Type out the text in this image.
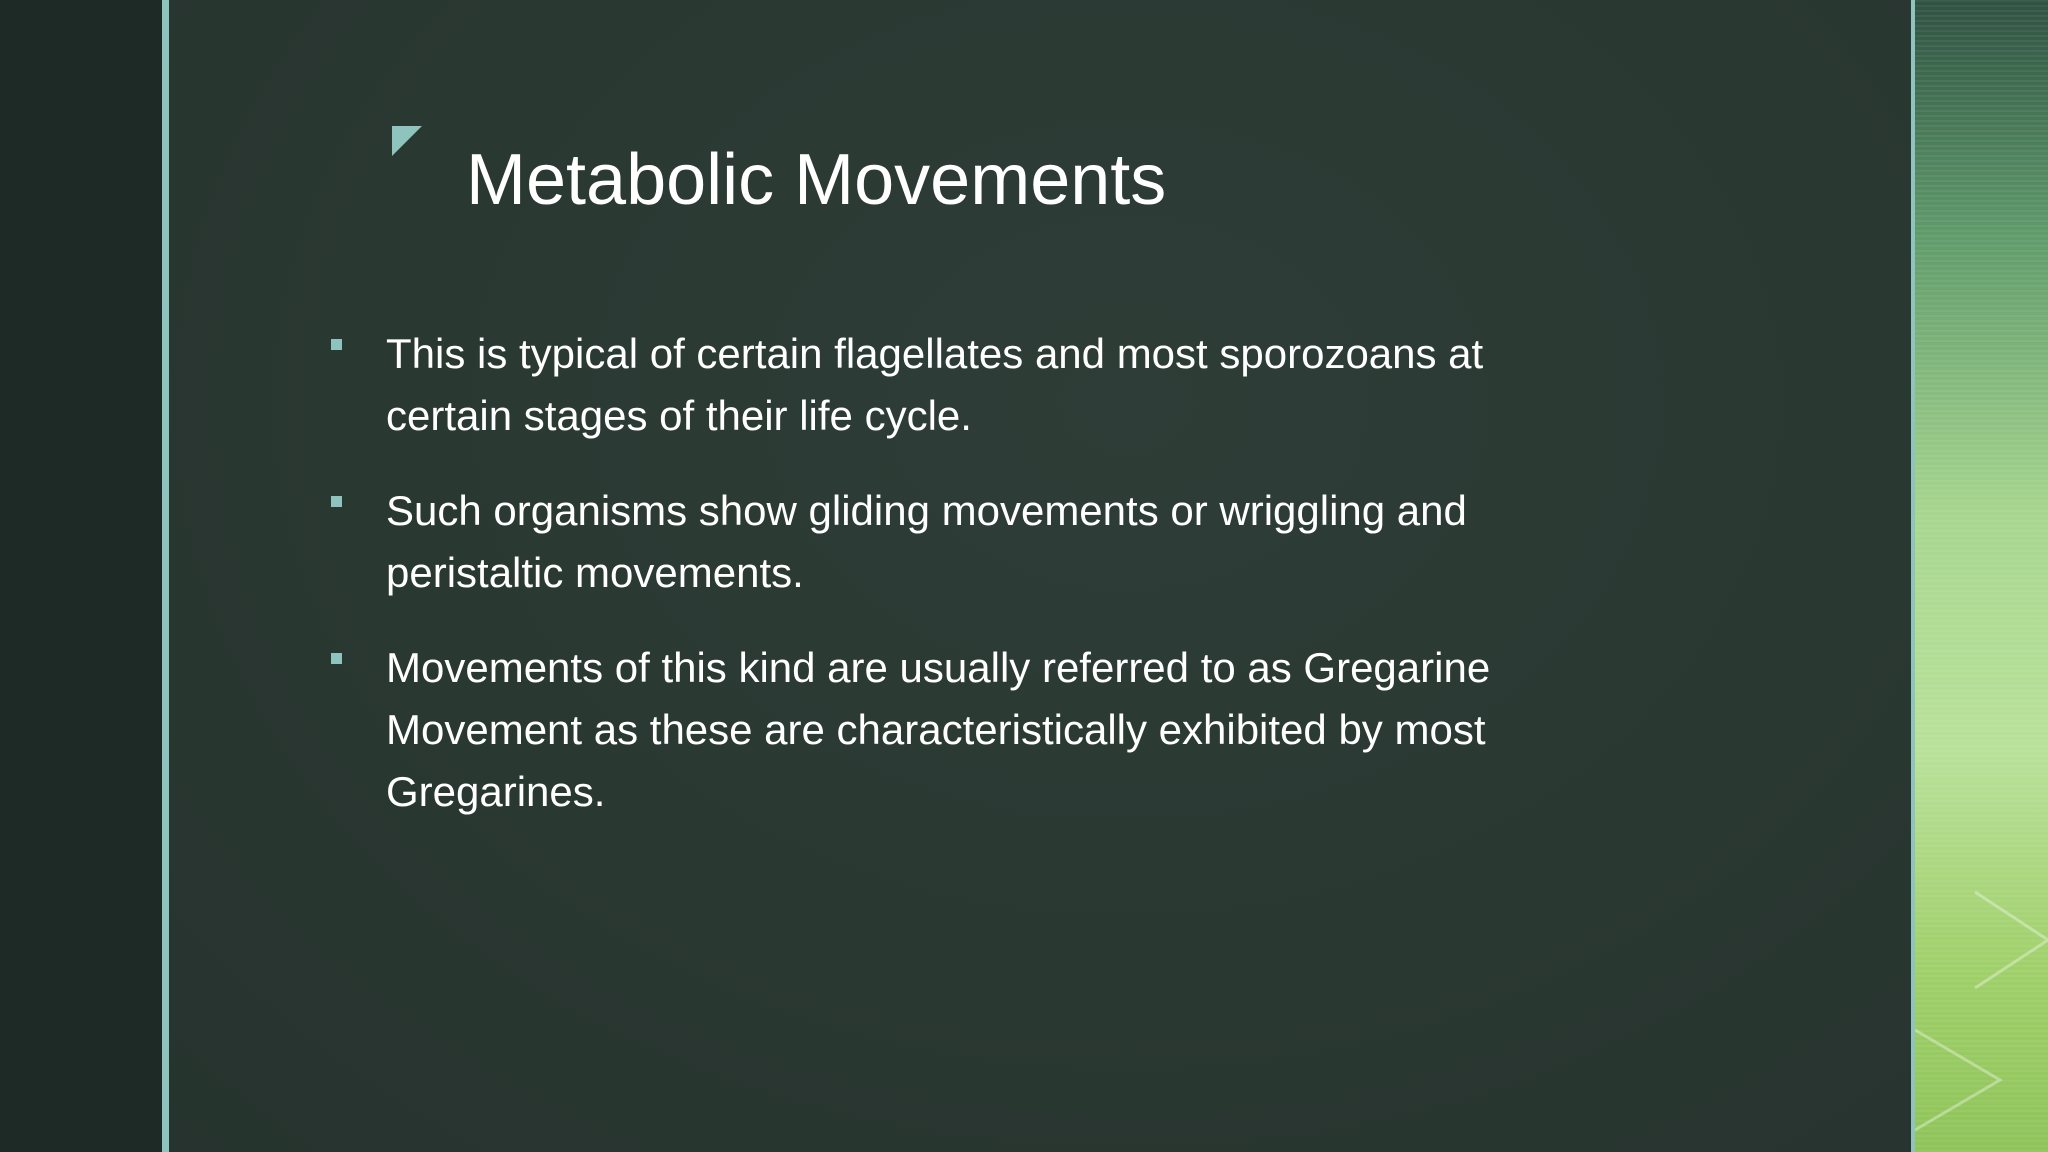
Metabolic Movements
This is typical of certain flagellates and most sporozoans at certain stages of their life cycle.
Such organisms show gliding movements or wriggling and peristaltic movements.
Movements of this kind are usually referred to as Gregarine Movement as these are characteristically exhibited by most Gregarines.
